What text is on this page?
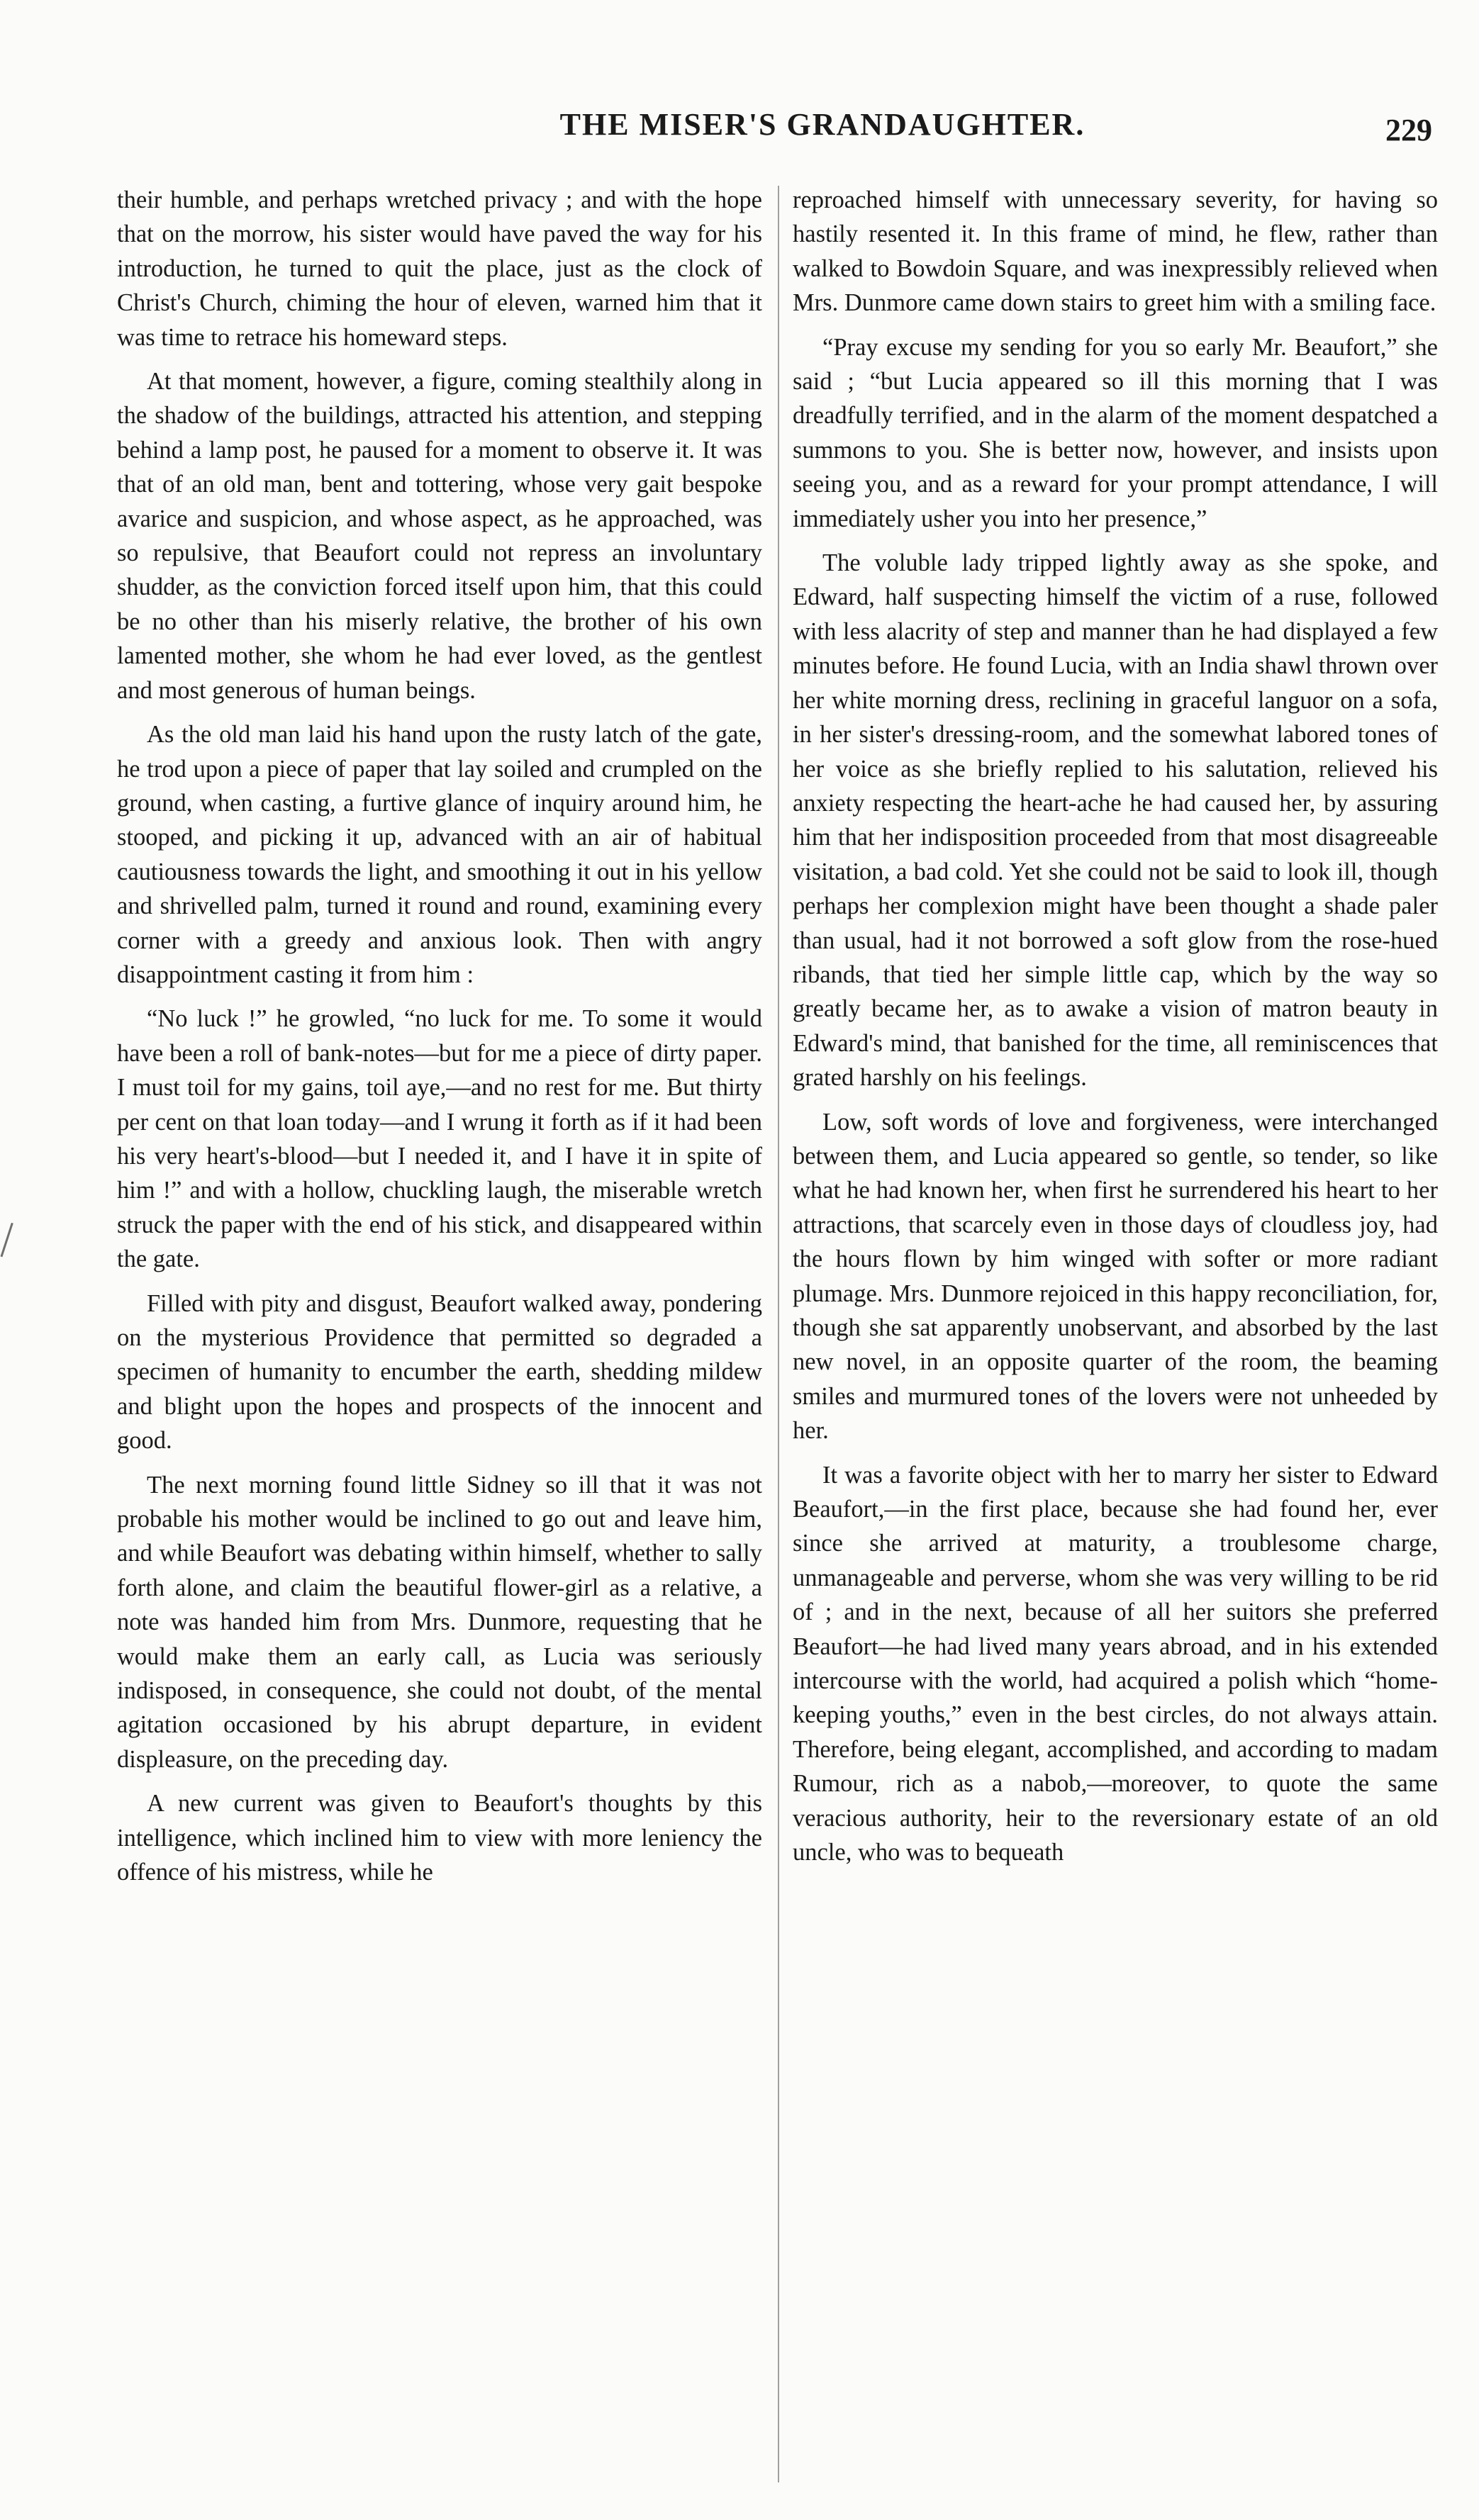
THE MISER'S GRANDAUGHTER.	229

their humble, and perhaps wretched privacy ; and with the hope that on the morrow, his sister would have paved the way for his introduction, he turned to quit the place, just as the clock of Christ's Church, chiming the hour of eleven, warned him that it was time to retrace his homeward steps.

At that moment, however, a figure, coming stealthily along in the shadow of the buildings, attracted his attention, and stepping behind a lamp post, he paused for a moment to observe it. It was that of an old man, bent and tottering, whose very gait bespoke avarice and suspicion, and whose aspect, as he approached, was so repulsive, that Beaufort could not repress an involuntary shudder, as the conviction forced itself upon him, that this could be no other than his miserly relative, the brother of his own lamented mother, she whom he had ever loved, as the gentlest and most generous of human beings.

As the old man laid his hand upon the rusty latch of the gate, he trod upon a piece of paper that lay soiled and crumpled on the ground, when casting, a furtive glance of inquiry around him, he stooped, and picking it up, advanced with an air of habitual cautiousness towards the light, and smoothing it out in his yellow and shrivelled palm, turned it round and round, examining every corner with a greedy and anxious look. Then with angry disappointment casting it from him :

“No luck !” he growled, “no luck for me. To some it would have been a roll of bank-notes—but for me a piece of dirty paper. I must toil for my gains, toil aye,—and no rest for me. But thirty per cent on that loan today—and I wrung it forth as if it had been his very heart's-blood—but I needed it, and I have it in spite of him !” and with a hollow, chuckling laugh, the miserable wretch struck the paper with the end of his stick, and disappeared within the gate.

Filled with pity and disgust, Beaufort walked away, pondering on the mysterious Providence that permitted so degraded a specimen of humanity to encumber the earth, shedding mildew and blight upon the hopes and prospects of the innocent and good.

The next morning found little Sidney so ill that it was not probable his mother would be inclined to go out and leave him, and while Beaufort was debating within himself, whether to sally forth alone, and claim the beautiful flower-girl as a relative, a note was handed him from Mrs. Dunmore, requesting that he would make them an early call, as Lucia was seriously indisposed, in consequence, she could not doubt, of the mental agitation occasioned by his abrupt departure, in evident displeasure, on the preceding day.

A new current was given to Beaufort's thoughts by this intelligence, which inclined him to view with more leniency the offence of his mistress, while he

reproached himself with unnecessary severity, for having so hastily resented it. In this frame of mind, he flew, rather than walked to Bowdoin Square, and was inexpressibly relieved when Mrs. Dunmore came down stairs to greet him with a smiling face.

“Pray excuse my sending for you so early Mr. Beaufort,” she said ; “but Lucia appeared so ill this morning that I was dreadfully terrified, and in the alarm of the moment despatched a summons to you. She is better now, however, and insists upon seeing you, and as a reward for your prompt attendance, I will immediately usher you into her presence,”

The voluble lady tripped lightly away as she spoke, and Edward, half suspecting himself the victim of a ruse, followed with less alacrity of step and manner than he had displayed a few minutes before. He found Lucia, with an India shawl thrown over her white morning dress, reclining in graceful languor on a sofa, in her sister's dressing-room, and the somewhat labored tones of her voice as she briefly replied to his salutation, relieved his anxiety respecting the heart-ache he had caused her, by assuring him that her indisposition proceeded from that most disagreeable visitation, a bad cold. Yet she could not be said to look ill, though perhaps her complexion might have been thought a shade paler than usual, had it not borrowed a soft glow from the rose-hued ribands, that tied her simple little cap, which by the way so greatly became her, as to awake a vision of matron beauty in Edward's mind, that banished for the time, all reminiscences that grated harshly on his feelings.

Low, soft words of love and forgiveness, were interchanged between them, and Lucia appeared so gentle, so tender, so like what he had known her, when first he surrendered his heart to her attractions, that scarcely even in those days of cloudless joy, had the hours flown by him winged with softer or more radiant plumage. Mrs. Dunmore rejoiced in this happy reconciliation, for, though she sat apparently unobservant, and absorbed by the last new novel, in an opposite quarter of the room, the beaming smiles and murmured tones of the lovers were not unheeded by her.

It was a favorite object with her to marry her sister to Edward Beaufort,—in the first place, because she had found her, ever since she arrived at maturity, a troublesome charge, unmanageable and perverse, whom she was very willing to be rid of ; and in the next, because of all her suitors she preferred Beaufort—he had lived many years abroad, and in his extended intercourse with the world, had acquired a polish which “home-keeping youths,” even in the best circles, do not always attain. Therefore, being elegant, accomplished, and according to madam Rumour, rich as a nabob,—moreover, to quote the same veracious authority, heir to the reversionary estate of an old uncle, who was to bequeath
